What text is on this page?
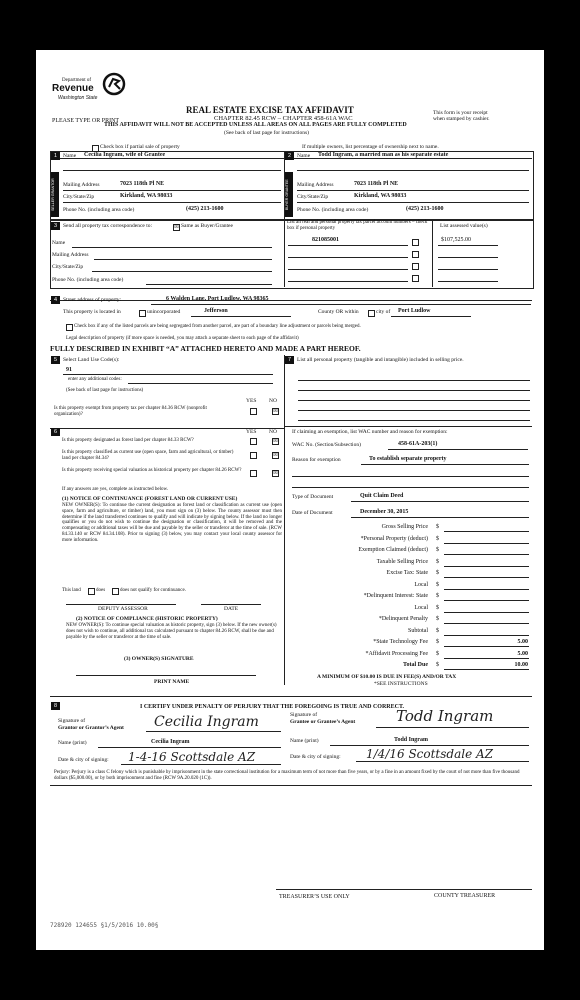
Department of
Revenue
Washington State
REAL ESTATE EXCISE TAX AFFIDAVIT
CHAPTER 82.45 RCW – CHAPTER 458-61A WAC
THIS AFFIDAVIT WILL NOT BE ACCEPTED UNLESS ALL AREAS ON ALL PAGES ARE FULLY COMPLETED
(See back of last page for instructions)
PLEASE TYPE OR PRINT
This form is your receipt
when stamped by cashier.
Check box if partial sale of property	If multiple owners, list percentage of ownership next to name.
1	2
SELLER GRANTOR	BUYER GRANTEE
Name Cecilia Ingram, wife of Grantee
Mailing Address	7023 118th Pl NE
City/State/Zip	Kirkland, WA 98033
Phone No. (including area code)	(425) 213-1600
Name Todd Ingram, a married man as his separate estate
Mailing Address	7023 118th Pl NE
City/State/Zip	Kirkland, WA 98033
Phone No. (including area code)	(425) 213-1600
3	Send all property tax correspondence to:	☒ Same as Buyer/Grantee
Name
Mailing Address
City/State/Zip
Phone No. (including area code)
List all real and personal property tax parcel account numbers – check box if personal property	List assessed value(s)
821085001	$107,525.00
4	Street address of property:	6 Walden Lane, Port Ludlow, WA 98365
This property is located in	unincorporated	Jefferson	County OR within	city of Port Ludlow
Check box if any of the listed parcels are being segregated from another parcel, are part of a boundary line adjustment or parcels being merged.
Legal description of property (if more space is needed, you may attach a separate sheet to each page of the affidavit)
FULLY DESCRIBED IN EXHIBIT “A” ATTACHED HERETO AND MADE A PART HEREOF.
5	Select Land Use Code(s):
91
enter any additional codes:
(See back of last page for instructions)
YES NO
Is this property exempt from property tax per chapter 84.36 RCW (nonprofit organization)?	☒
7	List all personal property (tangible and intangible) included in selling price.
6	YES NO
Is this property designated as forest land per chapter 84.33 RCW?	☒
Is this property classified as current use (open space, farm and agricultural, or timber) land per chapter 84.34?	☒
Is this property receiving special valuation as historical property per chapter 84.26 RCW?	☒
If any answers are yes, complete as instructed below.
(1) NOTICE OF CONTINUANCE (FOREST LAND OR CURRENT USE)
NEW OWNER(S): To continue the current designation as forest land or classification as current use (open space, farm and agriculture, or timber) land, you must sign on (3) below. The county assessor must then determine if the land transferred continues to qualify and will indicate by signing below. If the land no longer qualifies or you do not wish to continue the designation or classification, it will be removed and the compensating or additional taxes will be due and payable by the seller or transferor at the time of sale. (RCW 84.33.140 or RCW 84.34.108). Prior to signing (3) below, you may contact your local county assessor for more information.
This land	does	does not qualify for continuance.
DEPUTY ASSESSOR	DATE
(2) NOTICE OF COMPLIANCE (HISTORIC PROPERTY)
NEW OWNER(S): To continue special valuation as historic property, sign (3) below. If the new owner(s) does not wish to continue, all additional tax calculated pursuant to chapter 84.26 RCW, shall be due and payable by the seller or transferor at the time of sale.
(3) OWNER(S) SIGNATURE
PRINT NAME
If claiming an exemption, list WAC number and reason for exemption:
WAC No. (Section/Subsection)	458-61A-203(1)
Reason for exemption	To establish separate property
Type of Document	Quit Claim Deed
Date of Document	December 30, 2015
Gross Selling Price $
*Personal Property (deduct) $
Exemption Claimed (deduct) $
Taxable Selling Price $
Excise Tax: State $
Local $
*Delinquent Interest: State $
Local $
*Delinquent Penalty $
Subtotal $
*State Technology Fee $	5.00
*Affidavit Processing Fee $	5.00
Total Due $	10.00
A MINIMUM OF $10.00 IS DUE IN FEE(S) AND/OR TAX
*SEE INSTRUCTIONS
8	I CERTIFY UNDER PENALTY OF PERJURY THAT THE FOREGOING IS TRUE AND CORRECT.
Signature of
Grantor or Grantor’s Agent Cecilia Ingram
Name (print)	Cecilia Ingram
Date & city of signing: 1-4-16 Scottsdale AZ
Signature of
Grantee or Grantee’s Agent	Todd Ingram
Name (print)	Todd Ingram
Date & city of signing: 1/4/16 Scottsdale AZ
Perjury: Perjury is a class C felony which is punishable by imprisonment in the state correctional institution for a maximum term of not more than five years, or by a fine in an amount fixed by the court of not more than five thousand dollars ($5,000.00), or by both imprisonment and fine (RCW 9A.20.020 (1C)).
TREASURER’S USE ONLY	COUNTY TREASURER
728920 124655 §1/5/2016 10.00§
